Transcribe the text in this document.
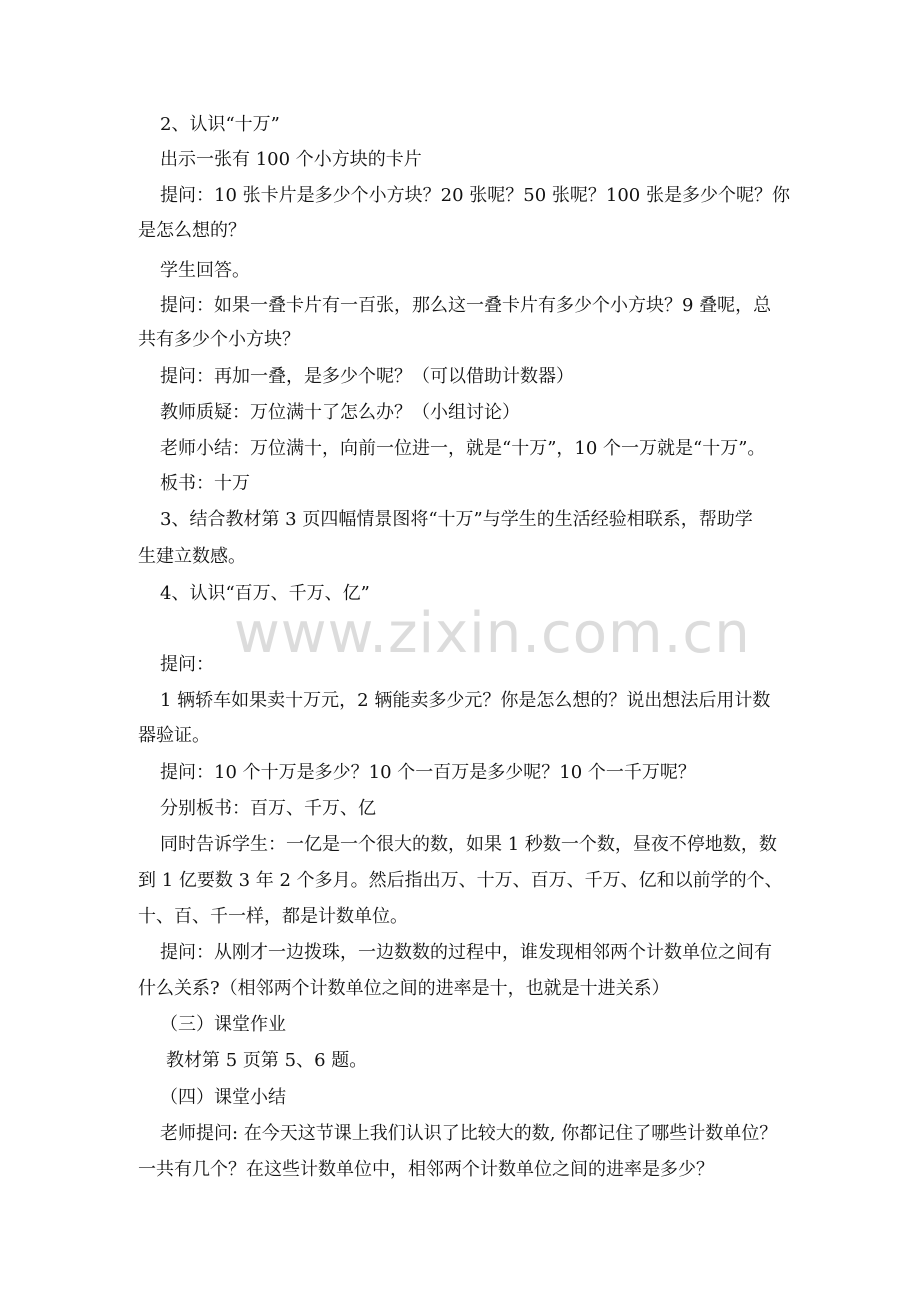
2、认识“十万”
出示一张有 100 个小方块的卡片
提问：10 张卡片是多少个小方块？20 张呢？50 张呢？100 张是多少个呢？你
是怎么想的？
学生回答。
提问：如果一叠卡片有一百张，那么这一叠卡片有多少个小方块？9 叠呢，总
共有多少个小方块？
提问：再加一叠，是多少个呢？（可以借助计数器）
教师质疑：万位满十了怎么办？（小组讨论）
老师小结：万位满十，向前一位进一，就是“十万”，10 个一万就是“十万”。
板书：十万
3、结合教材第 3 页四幅情景图将“十万”与学生的生活经验相联系，帮助学
生建立数感。
4、认识“百万、千万、亿”
www.zixin.com.cn
提问：
1 辆轿车如果卖十万元，2 辆能卖多少元？你是怎么想的？说出想法后用计数
器验证。
提问：10 个十万是多少？10 个一百万是多少呢？10 个一千万呢？
分别板书：百万、千万、亿
同时告诉学生：一亿是一个很大的数，如果 1 秒数一个数，昼夜不停地数，数
到 1 亿要数 3 年 2 个多月。然后指出万、十万、百万、千万、亿和以前学的个、
十、百、千一样，都是计数单位。
提问：从刚才一边拨珠，一边数数的过程中，谁发现相邻两个计数单位之间有
什么关系?（相邻两个计数单位之间的进率是十，也就是十进关系）
（三）课堂作业
教材第 5 页第 5、6 题。
（四）课堂小结
老师提问: 在今天这节课上我们认识了比较大的数, 你都记住了哪些计数单位？
一共有几个？在这些计数单位中，相邻两个计数单位之间的进率是多少？
